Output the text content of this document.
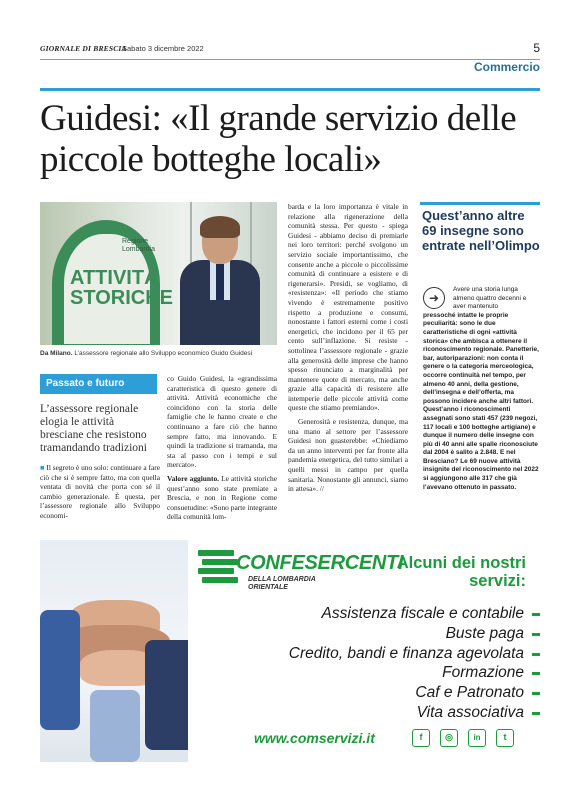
GIORNALE DI BRESCIA
Sabato 3 dicembre 2022	5
Commercio
Guidesi: «Il grande servizio delle piccole botteghe locali»
ATTIVITÀ STORICHE
Regione Lombardia
Da Milano. L’assessore regionale allo Sviluppo economico Guido Guidesi
Passato e futuro
L’assessore regionale elogia le attività bresciane che resistono tramandando tradizioni

■ Il segreto è uno solo: continuare a fare ciò che si è sempre fatto, ma con quella ventata di novità che porta con sé il cambio generazionale. È questa, per l’assessore regionale allo Sviluppo economi-

co Guido Guidesi, la «grandissima caratteristica di questo genere di attività. Attività economiche che coincidono con la storia delle famiglie che le hanno create e che continuano a fare ciò che hanno sempre fatto, ma innovando. E quindi la tradizione si tramanda, ma sta al passo con i tempi e sul mercato».

Valore aggiunto. Le attività storiche quest’anno sono state premiate a Brescia, e non in Regione come consuetudine: «Sono parte integrante della comunità lom-

barda e la loro importanza è vitale in relazione alla rigenerazione della comunità stessa. Per questo - spiega Guidesi - abbiamo deciso di premiarle nei loro territori: perché svolgono un servizio sociale importantissimo, che consente anche a piccole o piccolissime comunità di continuare a esistere e di rigenerarsi». Presidi, se vogliamo, di «resistenza»: «Il periodo che stiamo vivendo è estremamente positivo rispetto a produzione e consumi, nonostante i fattori esterni come i costi energetici, che incidono per il 65 per cento sull’inflazione. Si resiste - sottolinea l’assessore regionale - grazie alla generosità delle imprese che hanno spesso rinunciato a marginalità per mantenere quote di mercato, ma anche grazie alla capacità di resistere alle intemperie delle piccole attività come queste che stiamo premiando».

Generosità e resistenza, dunque, ma una mano al settore per l’assessore Guidesi non guasterebbe: «Chiediamo da un anno interventi per far fronte alla pandemia energetica, del tutto similari a quelli messi in campo per quella sanitaria. Nonostante gli annunci, siamo in attesa». //

Quest’anno altre 69 insegne sono entrate nell’Olimpo
➜
Avere una storia lunga almeno quattro decenni e aver mantenuto
pressoché intatte le proprie peculiarità: sono le due caratteristiche di ogni «attività storica» che ambisca a ottenere il riconoscimento regionale. Panetterie, bar, autoriparazioni: non conta il genere o la categoria merceologica, occorre continuità nel tempo, per almeno 40 anni, della gestione, dell’insegna e dell’offerta, ma possono incidere anche altri fattori. Quest’anno i riconoscimenti assegnati sono stati 457 (239 negozi, 117 locali e 100 botteghe artigiane) e dunque il numero delle insegne con più di 40 anni alle spalle riconosciute dal 2004 è salito a 2.848. E nel Bresciano? Le 69 nuove attività insignite del riconoscimento nel 2022 si aggiungono alle 317 che già l’avevano ottenuto in passato.
CONFESERCENTI
DELLA LOMBARDIA
ORIENTALE
Alcuni dei nostri
servizi:
Assistenza fiscale e contabile
Buste paga
Credito, bandi e finanza agevolata
Formazione
Caf e Patronato
Vita associativa
www.comservizi.it	f	◎	in	t
